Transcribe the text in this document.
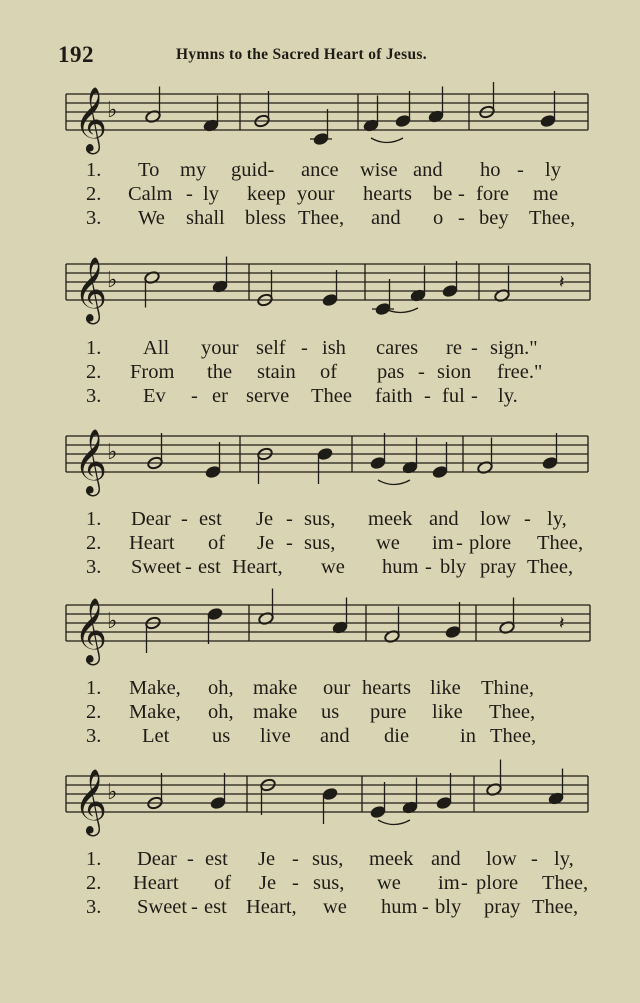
192	Hymns to the Sacred Heart of Jesus.
𝄞 ♭
1. To my guid- ance wise and ho - ly
2. Calm - ly keep your hearts be - fore me
3. We shall bless Thee, and o - bey Thee,
𝄞 ♭	𝄽
1. All your self - ish cares re - sign."
2. From the stain of pas - sion free."
3. Ev - er serve Thee faith - ful - ly.
𝄞 ♭
1. Dear - est Je - sus, meek and low - ly,
2. Heart of Je - sus, we im - plore Thee,
3. Sweet - est Heart, we hum - bly pray Thee,
𝄞 ♭	𝄽
1. Make, oh, make our hearts like Thine,
2. Make, oh, make us pure like Thee,
3. Let us live and die in Thee,
𝄞 ♭
1. Dear - est Je - sus, meek and low - ly,
2. Heart of Je - sus, we im - plore Thee,
3. Sweet - est Heart, we hum - bly pray Thee,
